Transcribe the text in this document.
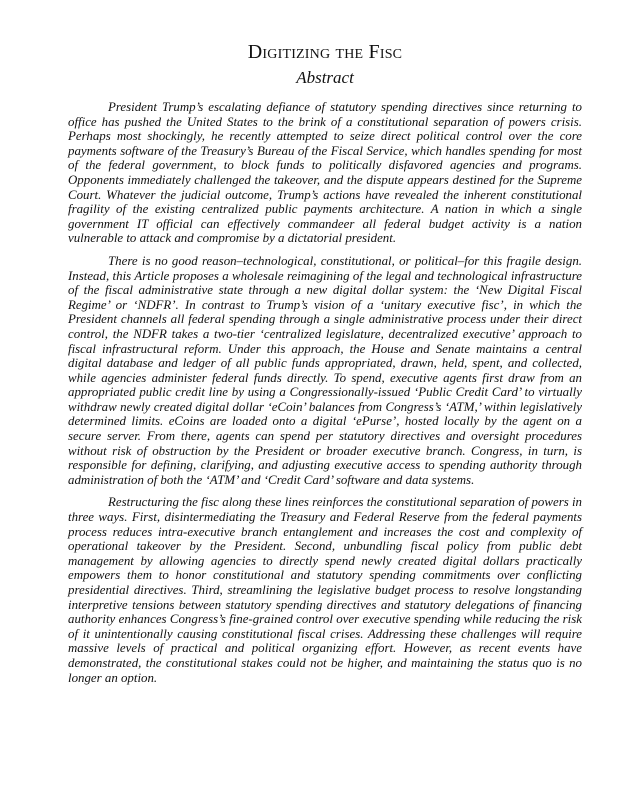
Digitizing the Fisc
Abstract

President Trump’s escalating defiance of statutory spending directives since returning to office has pushed the United States to the brink of a constitutional separation of powers crisis. Perhaps most shockingly, he recently attempted to seize direct political control over the core payments software of the Treasury’s Bureau of the Fiscal Service, which handles spending for most of the federal government, to block funds to politically disfavored agencies and programs. Opponents immediately challenged the takeover, and the dispute appears destined for the Supreme Court. Whatever the judicial outcome, Trump’s actions have revealed the inherent constitutional fragility of the existing centralized public payments architecture. A nation in which a single government IT official can effectively commandeer all federal budget activity is a nation vulnerable to attack and compromise by a dictatorial president.

There is no good reason–technological, constitutional, or political–for this fragile design. Instead, this Article proposes a wholesale reimagining of the legal and technological infrastructure of the fiscal administrative state through a new digital dollar system: the ‘New Digital Fiscal Regime’ or ‘NDFR’. In contrast to Trump’s vision of a ‘unitary executive fisc’, in which the President channels all federal spending through a single administrative process under their direct control, the NDFR takes a two-tier ‘centralized legislature, decentralized executive’ approach to fiscal infrastructural reform. Under this approach, the House and Senate maintains a central digital database and ledger of all public funds appropriated, drawn, held, spent, and collected, while agencies administer federal funds directly. To spend, executive agents first draw from an appropriated public credit line by using a Congressionally-issued ‘Public Credit Card’ to virtually withdraw newly created digital dollar ‘eCoin’ balances from Congress’s ‘ATM,’ within legislatively determined limits. eCoins are loaded onto a digital ‘ePurse’, hosted locally by the agent on a secure server. From there, agents can spend per statutory directives and oversight procedures without risk of obstruction by the President or broader executive branch. Congress, in turn, is responsible for defining, clarifying, and adjusting executive access to spending authority through administration of both the ‘ATM’ and ‘Credit Card’ software and data systems.

Restructuring the fisc along these lines reinforces the constitutional separation of powers in three ways. First, disintermediating the Treasury and Federal Reserve from the federal payments process reduces intra-executive branch entanglement and increases the cost and complexity of operational takeover by the President. Second, unbundling fiscal policy from public debt management by allowing agencies to directly spend newly created digital dollars practically empowers them to honor constitutional and statutory spending commitments over conflicting presidential directives. Third, streamlining the legislative budget process to resolve longstanding interpretive tensions between statutory spending directives and statutory delegations of financing authority enhances Congress’s fine-grained control over executive spending while reducing the risk of it unintentionally causing constitutional fiscal crises. Addressing these challenges will require massive levels of practical and political organizing effort. However, as recent events have demonstrated, the constitutional stakes could not be higher, and maintaining the status quo is no longer an option.
